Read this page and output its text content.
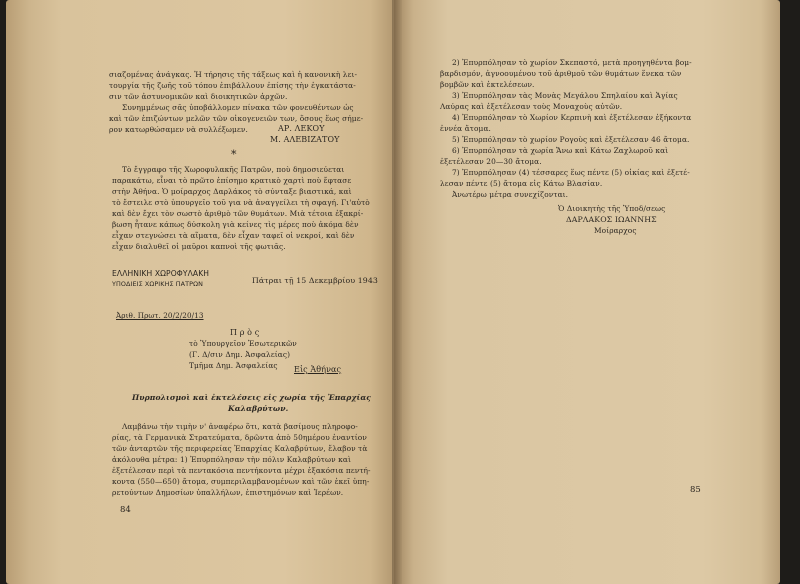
σιαζομένας ἀνάγκας. Ἡ τήρησις τῆς τάξεως καὶ ἡ κανονικὴ λει-
τουργία τῆς ζωῆς τοῦ τόπου ἐπιβάλλουν ἐπίσης τὴν ἐγκατάστα-
σιν τῶν ἀστυνομικῶν καὶ διοικητικῶν ἀρχῶν.
Συνημμένως σᾶς ὑποβάλλομεν πίνακα τῶν φονευθέντων ὡς
καὶ τῶν ἐπιζώντων μελῶν τῶν οἰκογενειῶν των, ὅσους ἕως σήμε-
ρον κατωρθώσαμεν νὰ συλλέξωμεν.	ΑΡ. ΛΕΚΟΥ
Μ. ΑΛΕΒΙΖΑΤΟΥ
*
Τὸ ἔγγραφο τῆς Χωροφυλακῆς Πατρῶν, ποὺ δημοσιεύεται
παρακάτω, εἶναι τὸ πρῶτο ἐπίσημο κρατικὸ χαρτὶ ποὺ ἔφτασε
στὴν Ἀθήνα. Ὁ μοίραρχος Δαρλάκος τὸ σύνταξε βιαστικά, καὶ
τὸ ἔστειλε στὸ ὑπουργεῖο τοῦ για νὰ ἀναγγείλει τὴ σφαγή. Γι'αὐτὸ
καὶ δὲν ἔχει τὸν σωστὸ ἀριθμὸ τῶν θυμάτων. Μιὰ τέτοια ἐξακρί-
βωση ἦτανε κάπως δύσκολη γιὰ κείνες τὶς μέρες ποὺ ἀκόμα δὲν
εἶχαν στεγνώσει τὰ αἵματα, δὲν εἶχαν ταφεῖ οἱ νεκροί, καὶ δὲν
εἶχαν διαλυθεῖ οἱ μαῦροι καπνοὶ τῆς φωτιᾶς.
ΕΛΛΗΝΙΚΗ ΧΩΡΟΦΥΛΑΚΗ
ΥΠΟΔΙΕΙΣ ΧΩΡΙΚΗΣ ΠΑΤΡΩΝ	Πάτραι τῇ 15 Δεκεμβρίου 1943
Ἀριθ. Πρωτ. 20/2/20/13
Π ρ ὸ ς
τὸ Ὑπουργεῖον Ἐσωτερικῶν
(Γ. Δ/σιν Δημ. Ἀσφαλείας)
Τμῆμα Δημ. Ἀσφαλείας Εἰς Ἀθήνας
Πυρπολισμοὶ καὶ ἐκτελέσεις εἰς χωρία τῆς Ἐπαρχίας
Καλαβρύτων.
Λαμβάνω τὴν τιμὴν ν' ἀναφέρω ὅτι, κατὰ βασίμους πληροφο-
ρίας, τὰ Γερμανικὰ Στρατεύματα, δρῶντα ἀπὸ 50ημέρου ἐναντίον
τῶν ἀνταρτῶν τῆς περιφερείας Ἐπαρχίας Καλαβρύτων, ἔλαβον τὰ
ἀκόλουθα μέτρα: 1) Ἐπυρπόλησαν τὴν πόλιν Καλαβρύτων καὶ
ἐξετέλεσαν περὶ τὰ πεντακόσια πεντήκοντα μέχρι ἑξακόσια πεντή-
κοντα (550—650) ἄτομα, συμπεριλαμβανομένων καὶ τῶν ἐκεῖ ὑπη-
ρετούντων Δημοσίων ὑπαλλήλων, ἐπιστημόνων καὶ Ἱερέων.
84
2) Ἐπυρπόλησαν τὸ χωρίον Σκεπαστό, μετὰ προηγηθέντα βομ-
βαρδισμόν, ἀγνοουμένου τοῦ ἀριθμοῦ τῶν θυμάτων ἕνεκα τῶν
βομβῶν καὶ ἐκτελέσεων.
3) Ἐπυρπόλησαν τὰς Μονὰς Μεγάλου Σπηλαίου καὶ Ἁγίας
Λαύρας καὶ ἐξετέλεσαν τοὺς Μοναχοὺς αὐτῶν.
4) Ἐπυρπόλησαν τὸ Χωρίον Κερπινὴ καὶ ἐξετέλεσαν ἑξήκοντα
ἐννέα ἄτομα.
5) Ἐπυρπόλησαν τὸ χωρίον Ρογοὺς καὶ ἐξετέλεσαν 46 ἄτομα.
6) Ἐπυρπόλησαν τὰ χωρία Ἄνω καὶ Κάτω Ζαχλωροῦ καὶ
ἐξετέλεσαν 20—30 ἄτομα.
7) Ἐπυρπόλησαν (4) τέσσαρες ἕως πέντε (5) οἰκίας καὶ ἐξετέ-
λεσαν πέντε (5) ἄτομα εἰς Κάτω Βλασίαν.
Ἀνωτέρω μέτρα συνεχίζονται.
Ὁ Διοικητὴς τῆς Ὑποδ/σεως
ΔΑΡΛΑΚΟΣ ΙΩΑΝΝΗΣ
Μοίραρχος
85
